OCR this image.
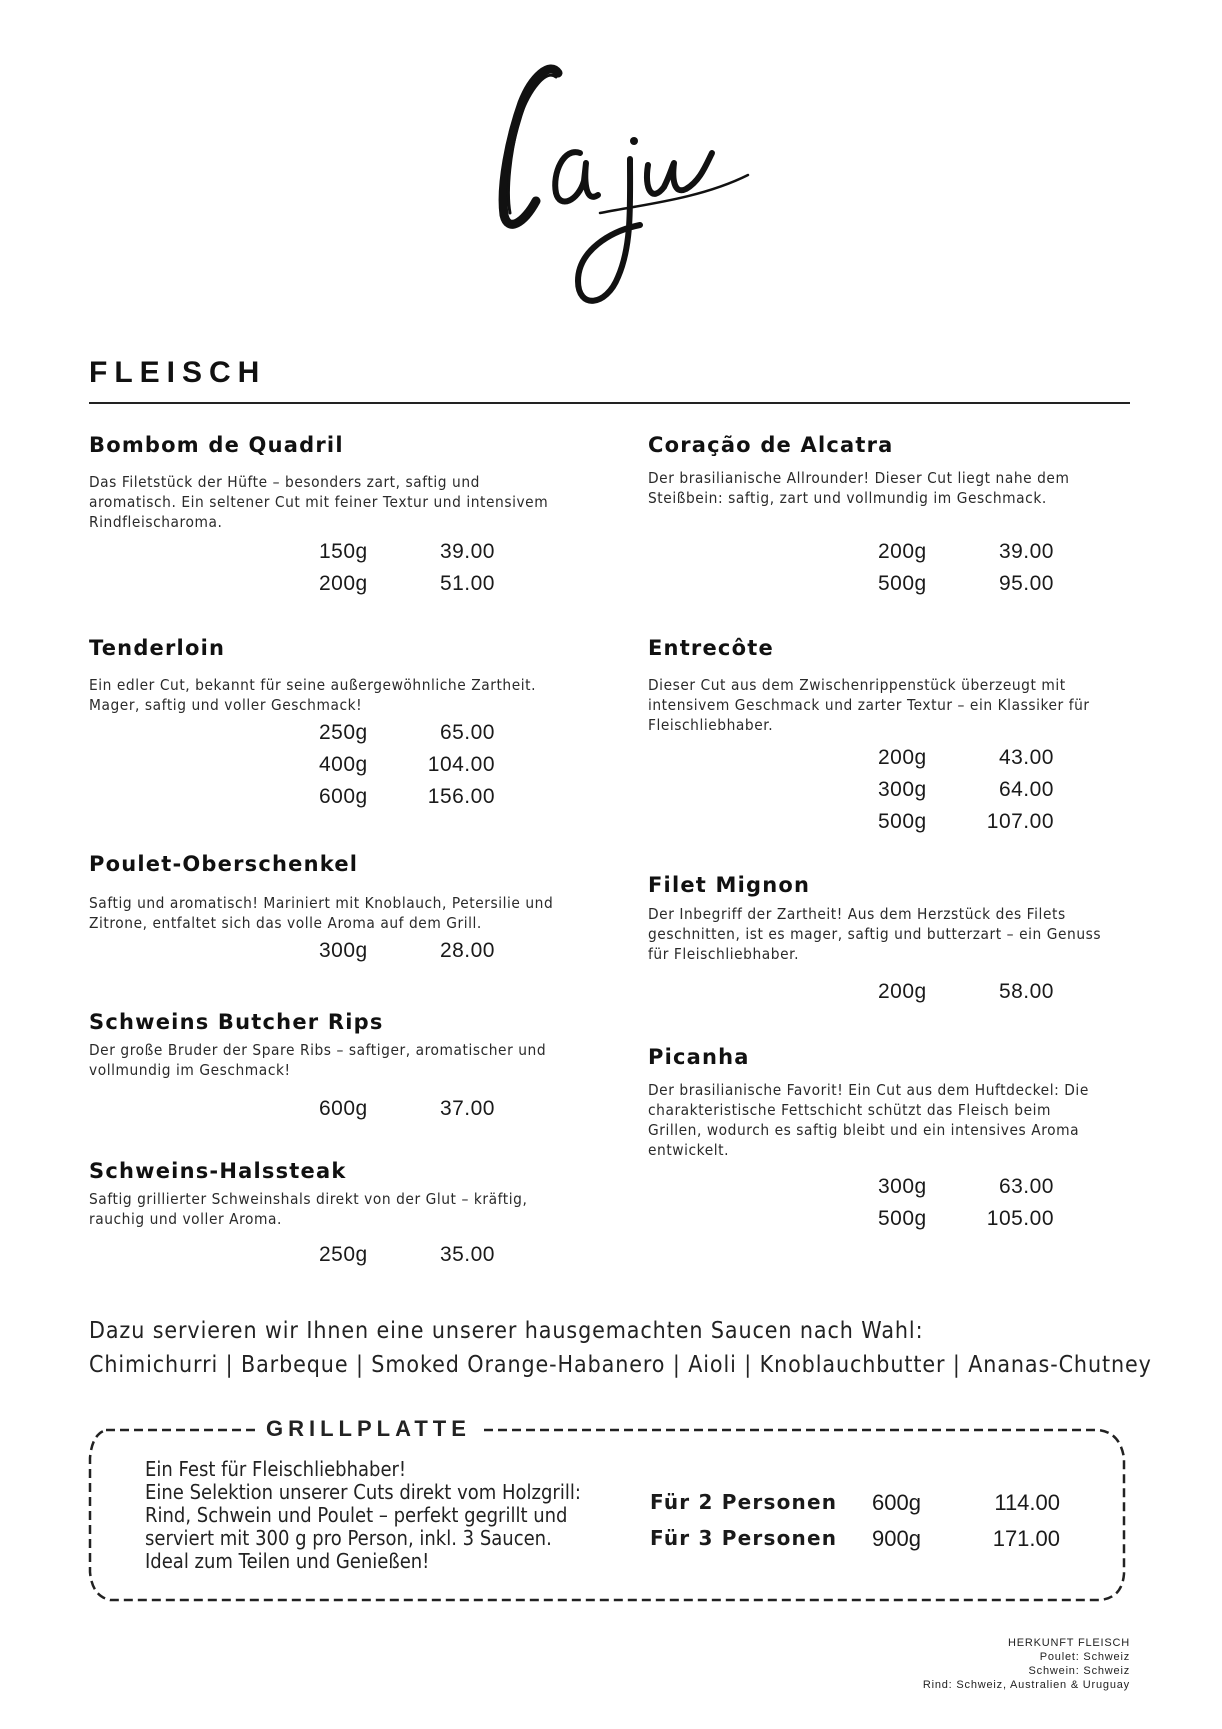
FLEISCH
Bombom de Quadril

Das Filetstück der Hüfte – besonders zart, saftig und
aromatisch. Ein seltener Cut mit feiner Textur und intensivem
Rindfleischaroma.

150g	39.00
200g	51.00
Tenderloin

Ein edler Cut, bekannt für seine außergewöhnliche Zartheit.
Mager, saftig und voller Geschmack!

250g	65.00
400g	104.00
600g	156.00
Poulet-Oberschenkel

Saftig und aromatisch! Mariniert mit Knoblauch, Petersilie und
Zitrone, entfaltet sich das volle Aroma auf dem Grill.

300g	28.00
Schweins Butcher Rips

Der große Bruder der Spare Ribs – saftiger, aromatischer und
vollmundig im Geschmack!

600g	37.00
Schweins-Halssteak

Saftig grillierter Schweinshals direkt von der Glut – kräftig,
rauchig und voller Aroma.

250g	35.00
Coração de Alcatra

Der brasilianische Allrounder! Dieser Cut liegt nahe dem
Steißbein: saftig, zart und vollmundig im Geschmack.

200g	39.00
500g	95.00
Entrecôte

Dieser Cut aus dem Zwischenrippenstück überzeugt mit
intensivem Geschmack und zarter Textur – ein Klassiker für
Fleischliebhaber.

200g	43.00
300g	64.00
500g	107.00
Filet Mignon

Der Inbegriff der Zartheit! Aus dem Herzstück des Filets
geschnitten, ist es mager, saftig und butterzart – ein Genuss
für Fleischliebhaber.

200g	58.00
Picanha

Der brasilianische Favorit! Ein Cut aus dem Huftdeckel: Die
charakteristische Fettschicht schützt das Fleisch beim
Grillen, wodurch es saftig bleibt und ein intensives Aroma
entwickelt.

300g	63.00
500g	105.00
Dazu servieren wir Ihnen eine unserer hausgemachten Saucen nach Wahl:
Chimichurri | Barbeque | Smoked Orange-Habanero | Aioli | Knoblauchbutter | Ananas-Chutney
GRILLPLATTE
Ein Fest für Fleischliebhaber!
Eine Selektion unserer Cuts direkt vom Holzgrill:
Rind, Schwein und Poulet – perfekt gegrillt und
serviert mit 300 g pro Person, inkl. 3 Saucen.
Ideal zum Teilen und Genießen!
Für 2 Personen 600g	114.00
Für 3 Personen 900g	171.00
HERKUNFT FLEISCH
Poulet: Schweiz
Schwein: Schweiz
Rind: Schweiz, Australien & Uruguay
